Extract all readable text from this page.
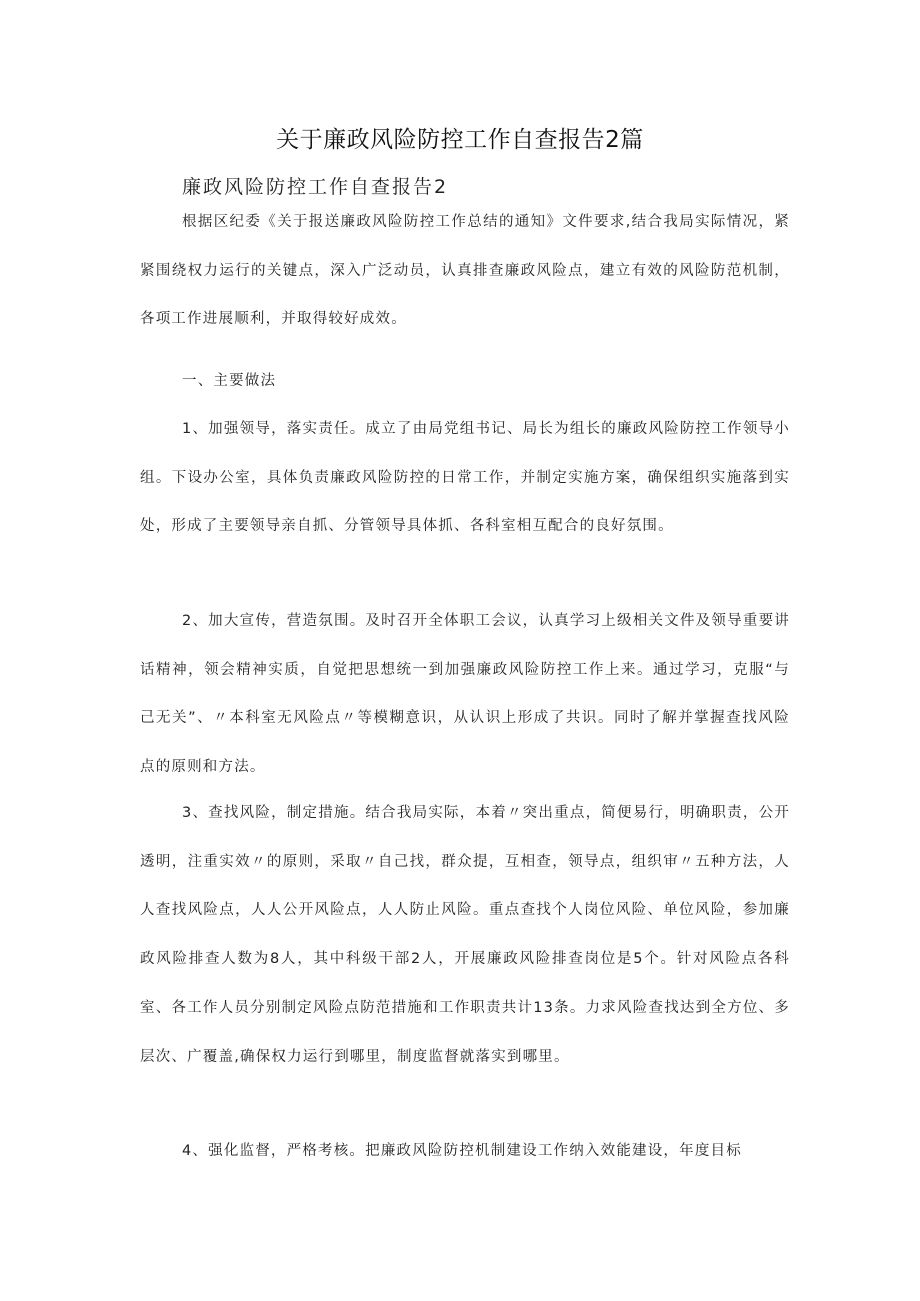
关于廉政风险防控工作自查报告2篇
廉政风险防控工作自查报告2

根据区纪委《关于报送廉政风险防控工作总结的通知》文件要求,结合我局实际情况，紧紧围绕权力运行的关键点，深入广泛动员，认真排查廉政风险点，建立有效的风险防范机制，各项工作进展顺利，并取得较好成效。

一、主要做法

1、加强领导，落实责任。成立了由局党组书记、局长为组长的廉政风险防控工作领导小组。下设办公室，具体负责廉政风险防控的日常工作，并制定实施方案，确保组织实施落到实处，形成了主要领导亲自抓、分管领导具体抓、各科室相互配合的良好氛围。

2、加大宣传，营造氛围。及时召开全体职工会议，认真学习上级相关文件及领导重要讲话精神，领会精神实质，自觉把思想统一到加强廉政风险防控工作上来。通过学习，克服“与己无关”、〃本科室无风险点〃等模糊意识，从认识上形成了共识。同时了解并掌握查找风险点的原则和方法。

3、查找风险，制定措施。结合我局实际，本着〃突出重点，简便易行，明确职责，公开透明，注重实效〃的原则，采取〃自己找，群众提，互相查，领导点，组织审〃五种方法，人人查找风险点，人人公开风险点，人人防止风险。重点查找个人岗位风险、单位风险，参加廉政风险排查人数为8人，其中科级干部2人，开展廉政风险排查岗位是5个。针对风险点各科室、各工作人员分别制定风险点防范措施和工作职责共计13条。力求风险查找达到全方位、多层次、广覆盖,确保权力运行到哪里，制度监督就落实到哪里。

4、强化监督，严格考核。把廉政风险防控机制建设工作纳入效能建设，年度目标
